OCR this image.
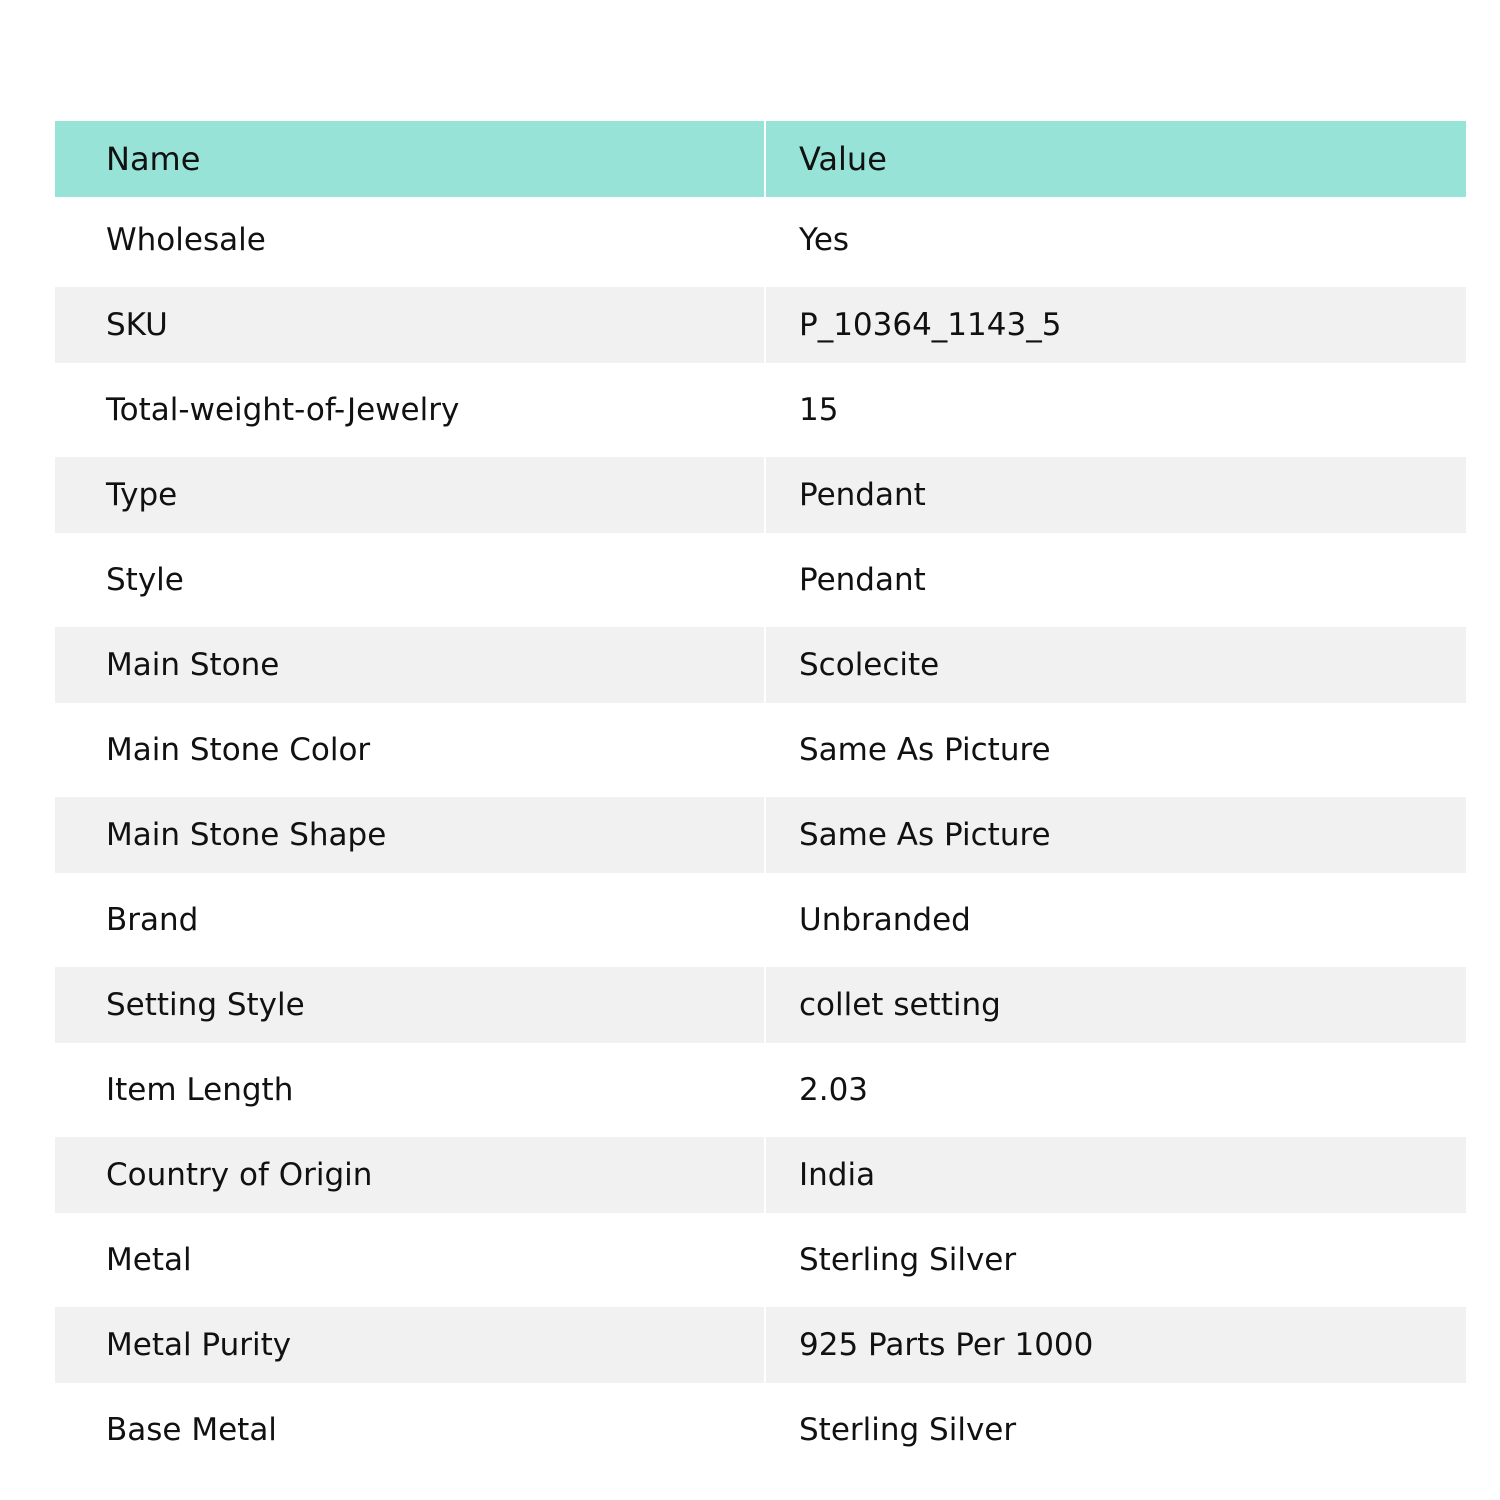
Name	Value
Wholesale	Yes
SKU	P_10364_1143_5
Total-weight-of-Jewelry	15
Type	Pendant
Style	Pendant
Main Stone	Scolecite
Main Stone Color	Same As Picture
Main Stone Shape	Same As Picture
Brand	Unbranded
Setting Style	collet setting
Item Length	2.03
Country of Origin	India
Metal	Sterling Silver
Metal Purity	925 Parts Per 1000
Base Metal	Sterling Silver
